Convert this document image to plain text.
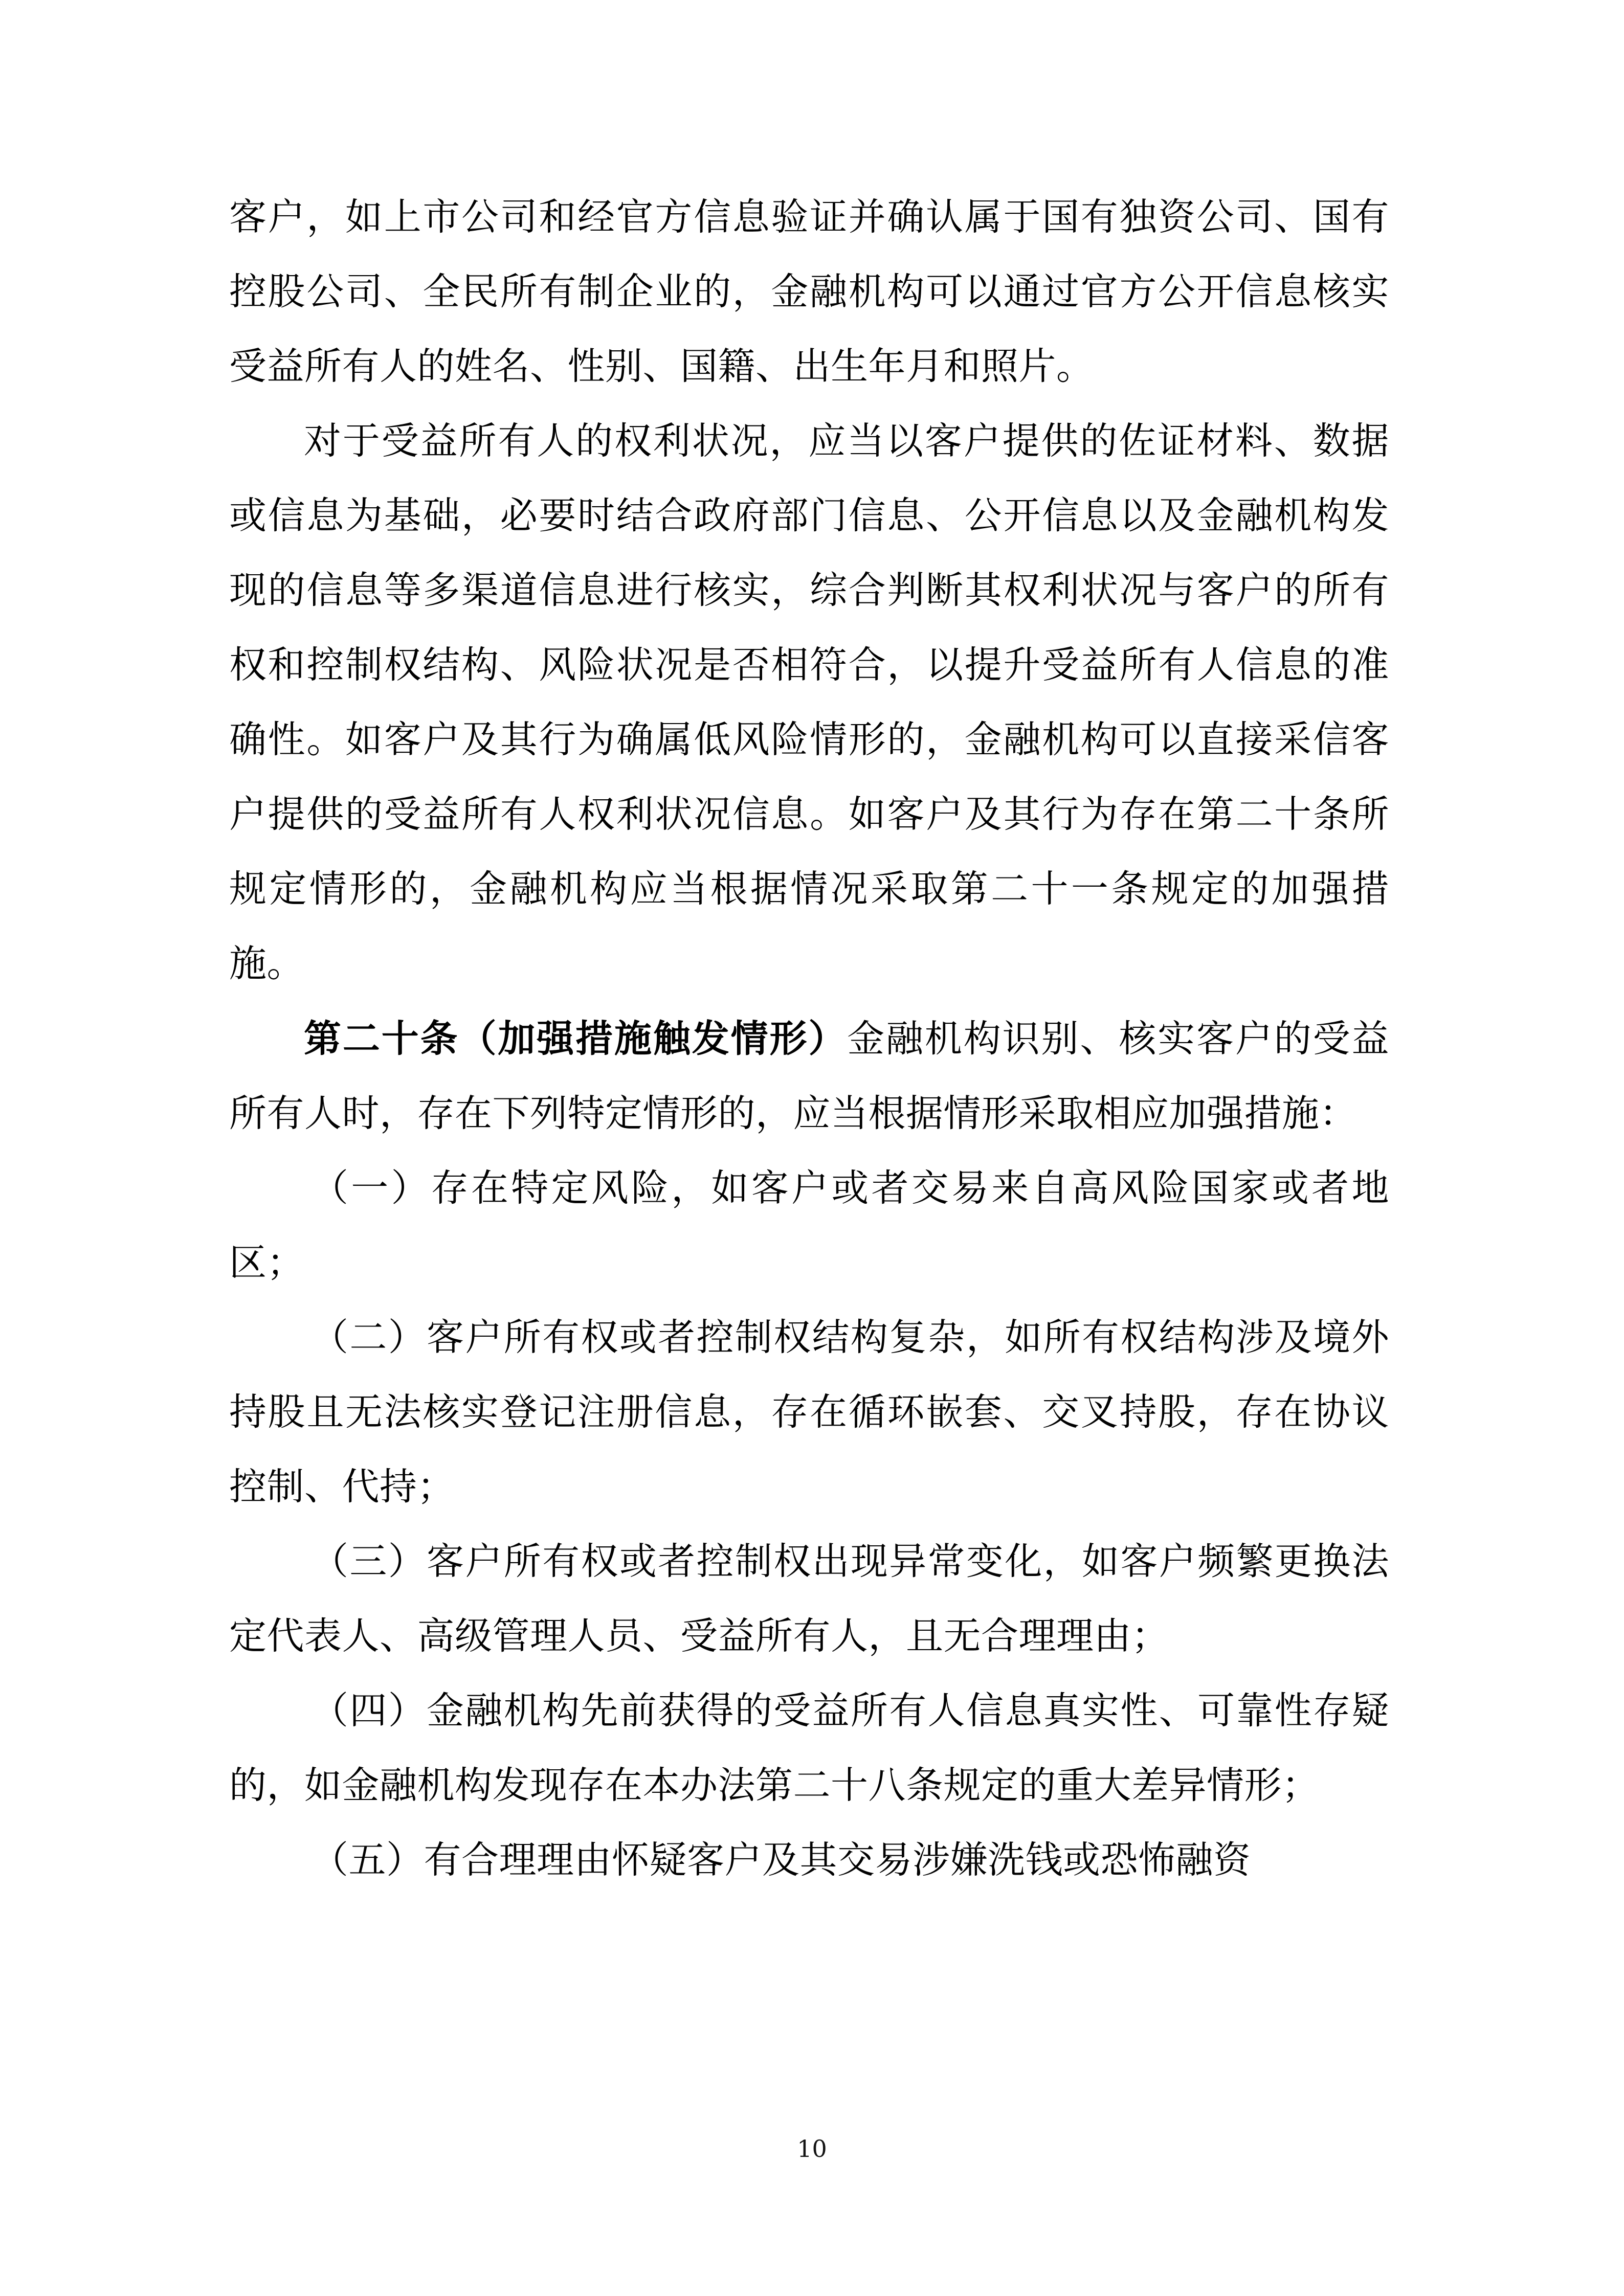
客户，如上市公司和经官方信息验证并确认属于国有独资公司、国有控股公司、全民所有制企业的，金融机构可以通过官方公开信息核实受益所有人的姓名、性别、国籍、出生年月和照片。

对于受益所有人的权利状况，应当以客户提供的佐证材料、数据或信息为基础，必要时结合政府部门信息、公开信息以及金融机构发现的信息等多渠道信息进行核实，综合判断其权利状况与客户的所有权和控制权结构、风险状况是否相符合，以提升受益所有人信息的准确性。如客户及其行为确属低风险情形的，金融机构可以直接采信客户提供的受益所有人权利状况信息。如客户及其行为存在第二十条所规定情形的，金融机构应当根据情况采取第二十一条规定的加强措施。

第二十条（加强措施触发情形）金融机构识别、核实客户的受益所有人时，存在下列特定情形的，应当根据情形采取相应加强措施：

（一）存在特定风险，如客户或者交易来自高风险国家或者地区；

（二）客户所有权或者控制权结构复杂，如所有权结构涉及境外持股且无法核实登记注册信息，存在循环嵌套、交叉持股，存在协议控制、代持；

（三）客户所有权或者控制权出现异常变化，如客户频繁更换法定代表人、高级管理人员、受益所有人，且无合理理由；

（四）金融机构先前获得的受益所有人信息真实性、可靠性存疑的，如金融机构发现存在本办法第二十八条规定的重大差异情形；

（五）有合理理由怀疑客户及其交易涉嫌洗钱或恐怖融资

10
